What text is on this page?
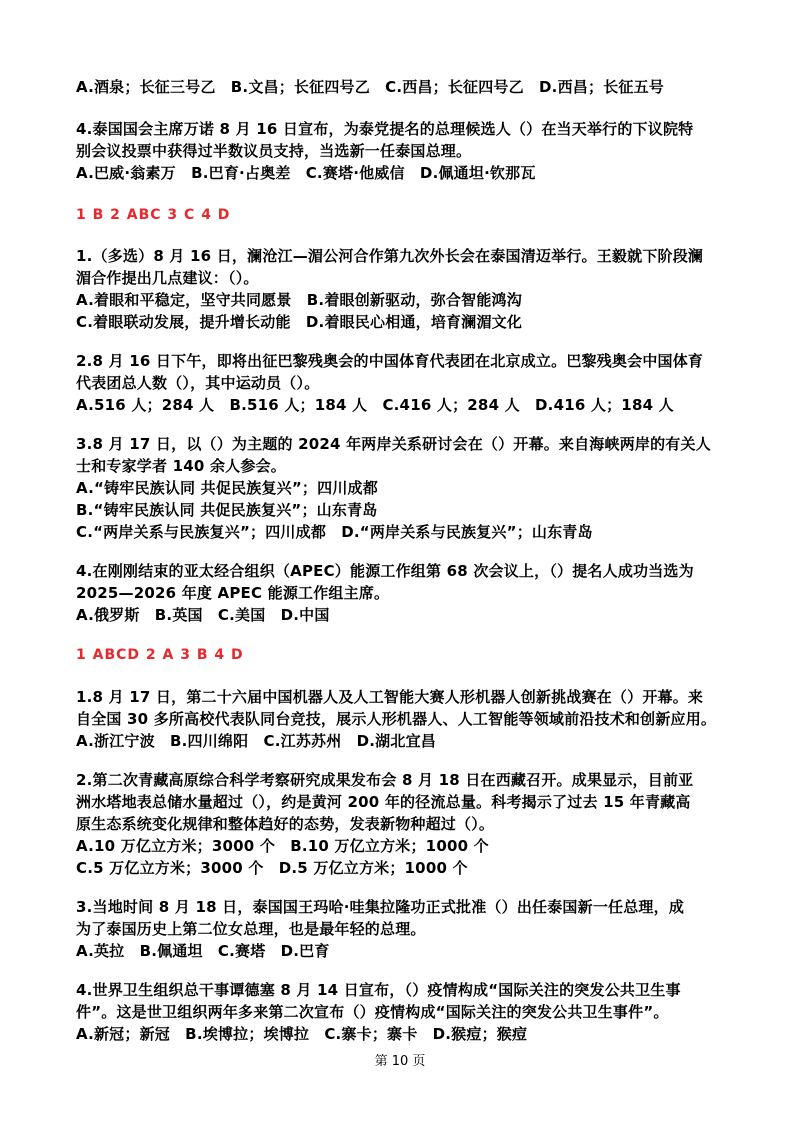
A.酒泉；长征三号乙　B.文昌；长征四号乙　C.西昌；长征四号乙　D.西昌；长征五号
4.泰国国会主席万诺 8 月 16 日宣布，为泰党提名的总理候选人（）在当天举行的下议院特
别会议投票中获得过半数议员支持，当选新一任泰国总理。
A.巴威·翁素万　B.巴育·占奥差　C.赛塔·他威信　D.佩通坦·钦那瓦
1 B 2 ABC 3 C 4 D
1.（多选）8 月 16 日，澜沧江—湄公河合作第九次外长会在泰国清迈举行。王毅就下阶段澜
湄合作提出几点建议：（）。
A.着眼和平稳定，坚守共同愿景　B.着眼创新驱动，弥合智能鸿沟
C.着眼联动发展，提升增长动能　D.着眼民心相通，培育澜湄文化
2.8 月 16 日下午，即将出征巴黎残奥会的中国体育代表团在北京成立。巴黎残奥会中国体育
代表团总人数（），其中运动员（）。
A.516 人；284 人　B.516 人；184 人　C.416 人；284 人　D.416 人；184 人
3.8 月 17 日，以（）为主题的 2024 年两岸关系研讨会在（）开幕。来自海峡两岸的有关人
士和专家学者 140 余人参会。
A.“铸牢民族认同 共促民族复兴”；四川成都
B.“铸牢民族认同 共促民族复兴”；山东青岛
C.“两岸关系与民族复兴”；四川成都　D.“两岸关系与民族复兴”；山东青岛
4.在刚刚结束的亚太经合组织（APEC）能源工作组第 68 次会议上，（）提名人成功当选为
2025—2026 年度 APEC 能源工作组主席。
A.俄罗斯　B.英国　C.美国　D.中国
1 ABCD 2 A 3 B 4 D
1.8 月 17 日，第二十六届中国机器人及人工智能大赛人形机器人创新挑战赛在（）开幕。来
自全国 30 多所高校代表队同台竞技，展示人形机器人、人工智能等领域前沿技术和创新应用。
A.浙江宁波　B.四川绵阳　C.江苏苏州　D.湖北宜昌
2.第二次青藏高原综合科学考察研究成果发布会 8 月 18 日在西藏召开。成果显示，目前亚
洲水塔地表总储水量超过（），约是黄河 200 年的径流总量。科考揭示了过去 15 年青藏高
原生态系统变化规律和整体趋好的态势，发表新物种超过（）。
A.10 万亿立方米；3000 个　B.10 万亿立方米；1000 个
C.5 万亿立方米；3000 个　D.5 万亿立方米；1000 个
3.当地时间 8 月 18 日，泰国国王玛哈·哇集拉隆功正式批准（）出任泰国新一任总理，成
为了泰国历史上第二位女总理，也是最年轻的总理。
A.英拉　B.佩通坦　C.赛塔　D.巴育
4.世界卫生组织总干事谭德塞 8 月 14 日宣布，（）疫情构成“国际关注的突发公共卫生事
件”。这是世卫组织两年多来第二次宣布（）疫情构成“国际关注的突发公共卫生事件”。
A.新冠；新冠　B.埃博拉；埃博拉　C.寨卡；寨卡　D.猴痘；猴痘
第 10 页
